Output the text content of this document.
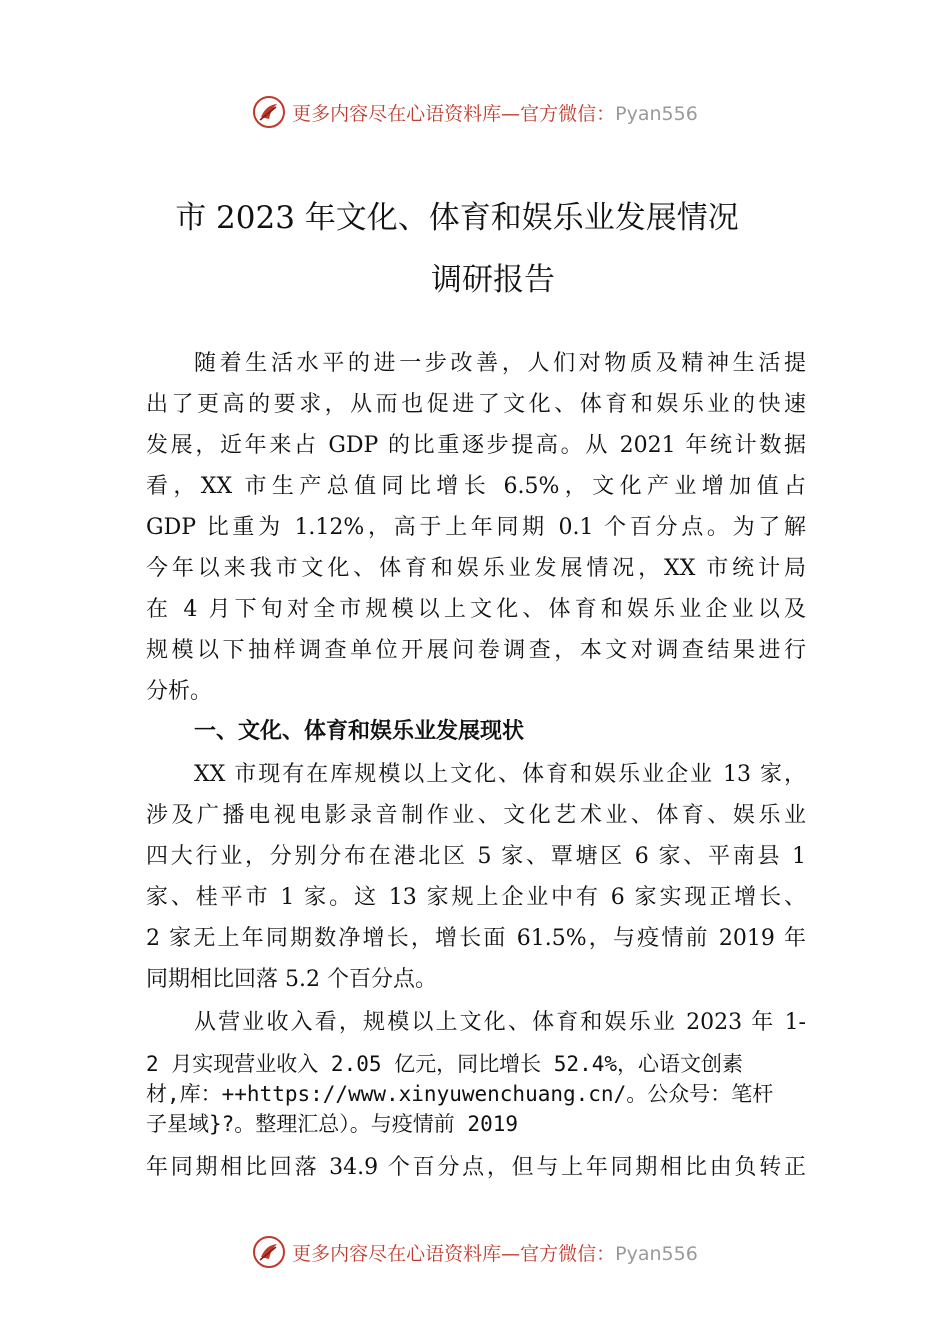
更多内容尽在心语资料库—官方微信：Pyan556
市 2023 年文化、体育和娱乐业发展情况
调研报告
随着生活水平的进一步改善，人们对物质及精神生活提
出了更高的要求，从而也促进了文化、体育和娱乐业的快速
发展，近年来占 GDP 的比重逐步提高。从 2021 年统计数据
看，XX 市生产总值同比增长 6.5%，文化产业增加值占
GDP 比重为 1.12%，高于上年同期 0.1 个百分点。为了解
今年以来我市文化、体育和娱乐业发展情况，XX 市统计局
在 4 月下旬对全市规模以上文化、体育和娱乐业企业以及
规模以下抽样调查单位开展问卷调查，本文对调查结果进行
分析。
一、文化、体育和娱乐业发展现状
XX 市现有在库规模以上文化、体育和娱乐业企业 13 家，
涉及广播电视电影录音制作业、文化艺术业、体育、娱乐业
四大行业，分别分布在港北区 5 家、覃塘区 6 家、平南县 1
家、桂平市 1 家。这 13 家规上企业中有 6 家实现正增长、
2 家无上年同期数净增长，增长面 61.5%，与疫情前 2019 年
同期相比回落 5.2 个百分点。
从营业收入看，规模以上文化、体育和娱乐业 2023 年 1-
2 月实现营业收入 2.05 亿元，同比增长 52.4%，心语文创素
材,库：++https://www.xinyuwenchuang.cn/。公众号：笔杆
子星域}?。整理汇总）。与疫情前 2019
年同期相比回落 34.9 个百分点，但与上年同期相比由负转正
更多内容尽在心语资料库—官方微信：Pyan556
